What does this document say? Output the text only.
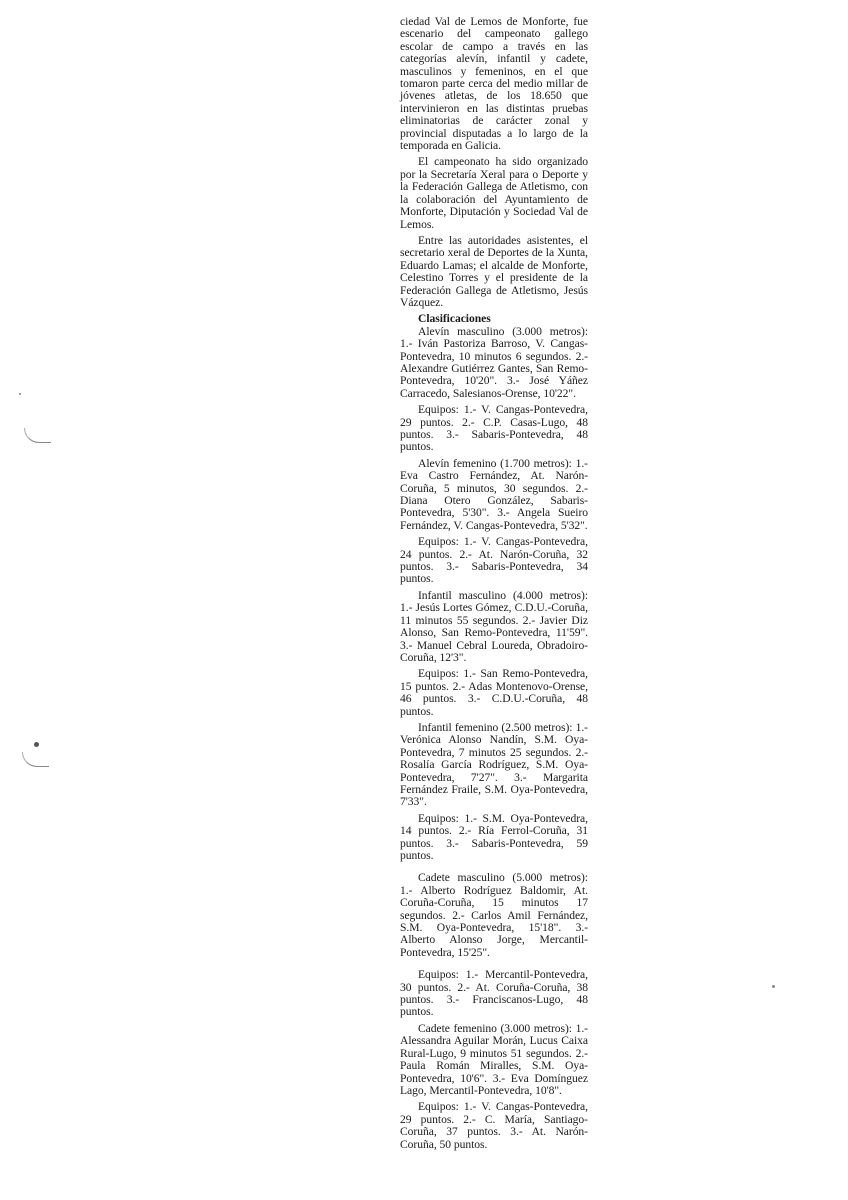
ciedad Val de Lemos de Monforte, fue escenario del campeonato gallego escolar de campo a través en las categorías alevín, infantil y cadete, masculinos y femeninos, en el que tomaron parte cerca del medio millar de jóvenes atletas, de los 18.650 que intervinieron en las distintas pruebas eliminatorias de carácter zonal y provincial disputadas a lo largo de la temporada en Galicia.

El campeonato ha sido organizado por la Secretaría Xeral para o Deporte y la Federación Gallega de Atletismo, con la colaboración del Ayuntamiento de Monforte, Diputación y Sociedad Val de Lemos.

Entre las autoridades asistentes, el secretario xeral de Deportes de la Xunta, Eduardo Lamas; el alcalde de Monforte, Celestino Torres y el presidente de la Federación Gallega de Atletismo, Jesús Vázquez.

Clasificaciones

Alevín masculino (3.000 metros): 1.- Iván Pastoriza Barroso, V. Cangas-Pontevedra, 10 minutos 6 segundos. 2.- Alexandre Gutiérrez Gantes, San Remo-Pontevedra, 10'20". 3.- José Yáñez Carracedo, Salesianos-Orense, 10'22".

Equipos: 1.- V. Cangas-Pontevedra, 29 puntos. 2.- C.P. Casas-Lugo, 48 puntos. 3.- Sabaris-Pontevedra, 48 puntos.

Alevín femenino (1.700 metros): 1.- Eva Castro Fernández, At. Narón-Coruña, 5 minutos, 30 segundos. 2.- Diana Otero González, Sabaris-Pontevedra, 5'30". 3.- Angela Sueiro Fernández, V. Cangas-Pontevedra, 5'32".

Equipos: 1.- V. Cangas-Pontevedra, 24 puntos. 2.- At. Narón-Coruña, 32 puntos. 3.- Sabaris-Pontevedra, 34 puntos.

Infantil masculino (4.000 metros): 1.- Jesús Lortes Gómez, C.D.U.-Coruña, 11 minutos 55 segundos. 2.- Javier Diz Alonso, San Remo-Pontevedra, 11'59". 3.- Manuel Cebral Louredа, Obradoiro-Coruña, 12'3".

Equipos: 1.- San Remo-Pontevedra, 15 puntos. 2.- Adas Montenovo-Orense, 46 puntos. 3.- C.D.U.-Coruña, 48 puntos.

Infantil femenino (2.500 metros): 1.- Verónica Alonso Nandín, S.M. Oya-Pontevedra, 7 minutos 25 segundos. 2.- Rosalía García Rodríguez, S.M. Oya-Pontevedra, 7'27". 3.- Margarita Fernández Fraile, S.M. Oya-Pontevedra, 7'33".

Equipos: 1.- S.M. Oya-Pontevedra, 14 puntos. 2.- Ría Ferrol-Coruña, 31 puntos. 3.- Sabaris-Pontevedra, 59 puntos.

Cadete masculino (5.000 metros): 1.- Alberto Rodríguez Baldomir, At. Coruña-Coruña, 15 minutos 17 segundos. 2.- Carlos Amil Fernández, S.M. Oya-Pontevedra, 15'18". 3.- Alberto Alonso Jorge, Mercantil-Pontevedra, 15'25".

Equipos: 1.- Mercantil-Pontevedra, 30 puntos. 2.- At. Coruña-Coruña, 38 puntos. 3.- Franciscanos-Lugo, 48 puntos.

Cadete femenino (3.000 metros): 1.- Alessandra Aguilar Morán, Lucus Caixa Rural-Lugo, 9 minutos 51 segundos. 2.- Paula Román Miralles, S.M. Oya-Pontevedra, 10'6". 3.- Eva Domínguez Lago, Mercantil-Pontevedra, 10'8".

Equipos: 1.- V. Cangas-Pontevedra, 29 puntos. 2.- C. María, Santiago-Coruña, 37 puntos. 3.- At. Narón-Coruña, 50 puntos.
